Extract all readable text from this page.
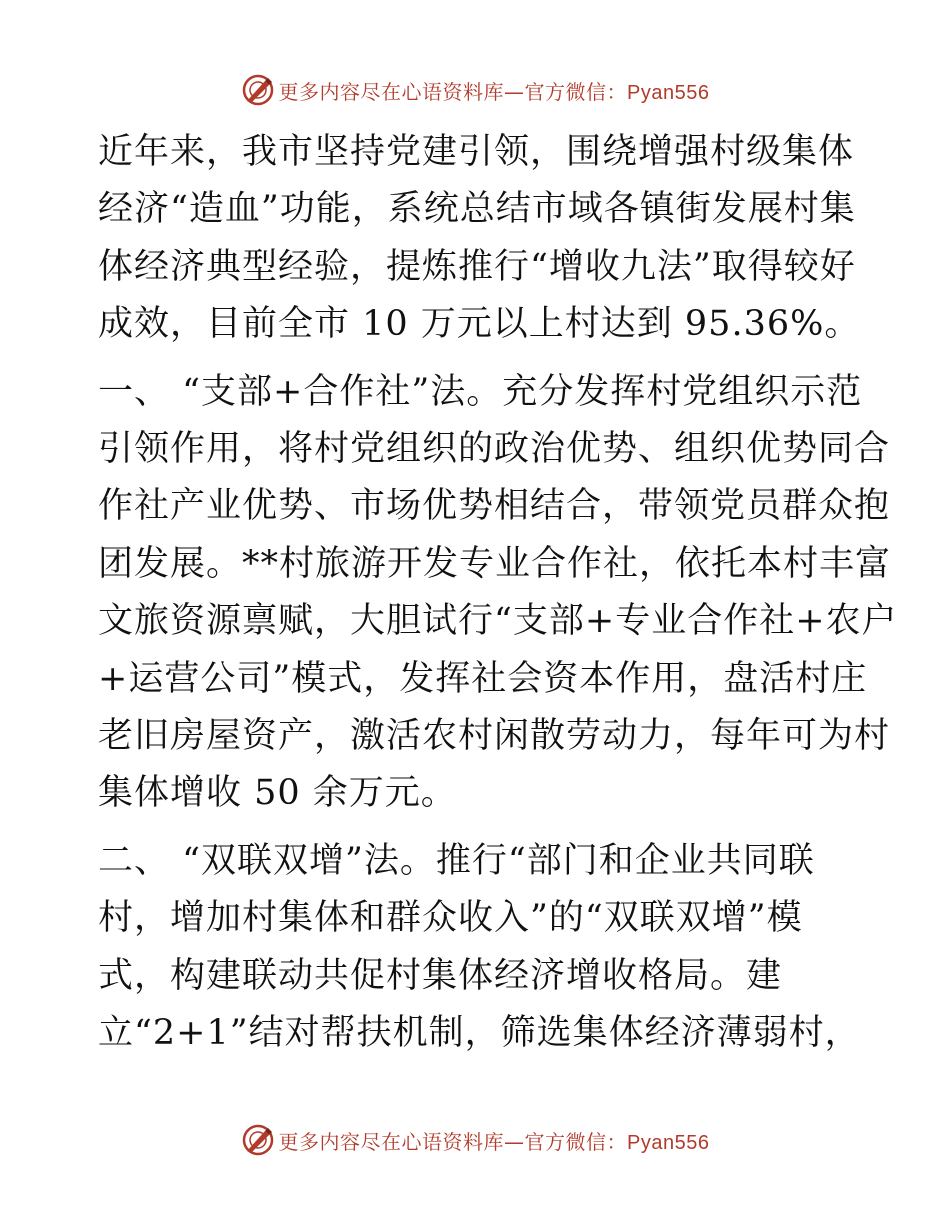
更多内容尽在心语资料库—官方微信：Pyan556

近年来，我市坚持党建引领，围绕增强村级集体
经济“造血”功能，系统总结市域各镇街发展村集
体经济典型经验，提炼推行“增收九法”取得较好
成效，目前全市 10 万元以上村达到 95.36%。

一、 “支部+合作社”法。充分发挥村党组织示范
引领作用，将村党组织的政治优势、组织优势同合
作社产业优势、市场优势相结合，带领党员群众抱
团发展。**村旅游开发专业合作社，依托本村丰富
文旅资源禀赋，大胆试行“支部+专业合作社+农户
+运营公司”模式，发挥社会资本作用，盘活村庄
老旧房屋资产，激活农村闲散劳动力，每年可为村
集体增收 50 余万元。

二、 “双联双增”法。推行“部门和企业共同联
村，增加村集体和群众收入”的“双联双增”模
式，构建联动共促村集体经济增收格局。建
立“2+1”结对帮扶机制，筛选集体经济薄弱村，

更多内容尽在心语资料库—官方微信：Pyan556
